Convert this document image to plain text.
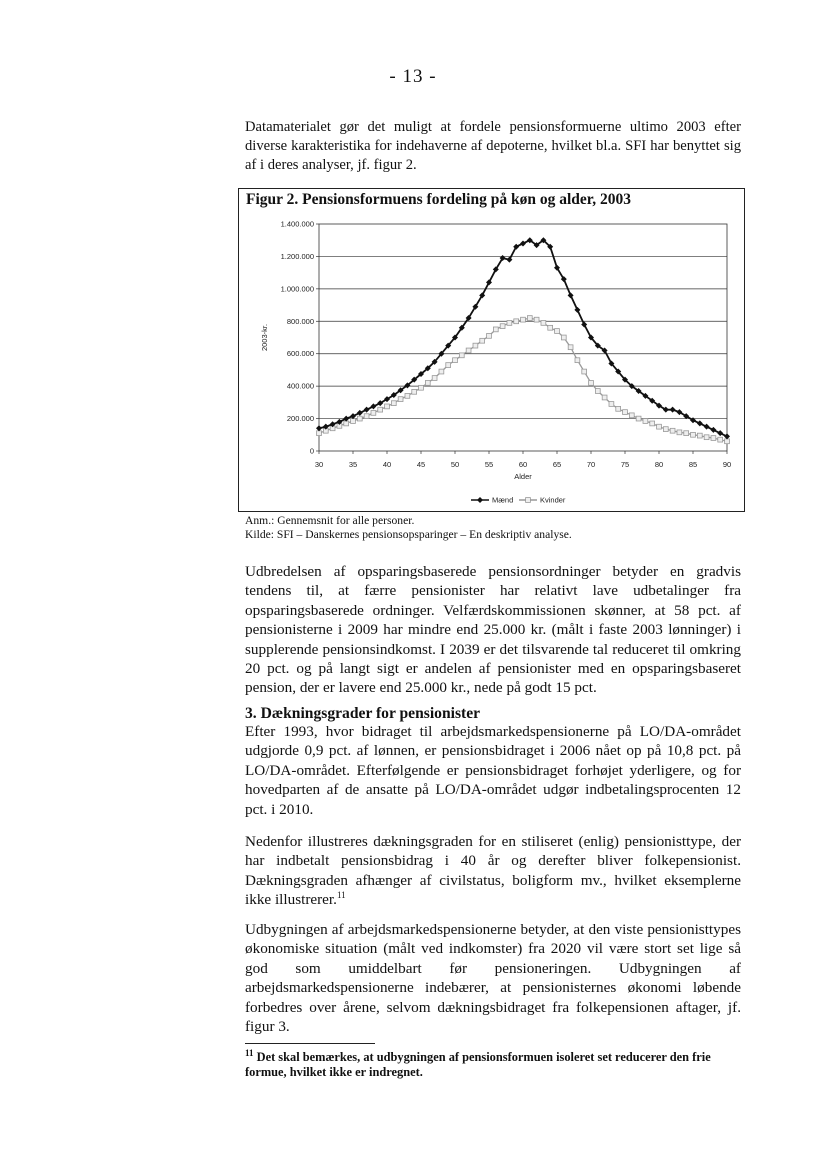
- 13 -

Datamaterialet gør det muligt at fordele pensionsformuerne ultimo 2003 efter diverse karakteristika for indehaverne af depoterne, hvilket bl.a. SFI har benyttet sig af i deres analyser, jf. figur 2.

Figur 2. Pensionsformuens fordeling på køn og alder, 2003

0
200.000
400.000
600.000
800.000
1.000.000
1.200.000
1.400.000
30	35	40	45	50	55	60	65	70	75	80	85	90
Alder
2003-kr.
Mænd	Kvinder

Anm.: Gennemsnit for alle personer.

Kilde: SFI – Danskernes pensionsopsparinger – En deskriptiv analyse.

Udbredelsen af opsparingsbaserede pensionsordninger betyder en gradvis tendens til, at færre pensionister har relativt lave udbetalinger fra opsparingsbaserede ordninger. Velfærdskommissionen skønner, at 58 pct. af pensionisterne i 2009 har mindre end 25.000 kr. (målt i faste 2003 lønninger) i supplerende pensionsindkomst. I 2039 er det tilsvarende tal reduceret til omkring 20 pct. og på langt sigt er andelen af pensionister med en opsparingsbaseret pension, der er lavere end 25.000 kr., nede på godt 15 pct.

3. Dækningsgrader for pensionister

Efter 1993, hvor bidraget til arbejdsmarkedspensionerne på LO/DA-området udgjorde 0,9 pct. af lønnen, er pensionsbidraget i 2006 nået op på 10,8 pct. på LO/DA-området. Efterfølgende er pensionsbidraget forhøjet yderligere, og for hovedparten af de ansatte på LO/DA-området udgør indbetalingsprocenten 12 pct. i 2010.

Nedenfor illustreres dækningsgraden for en stiliseret (enlig) pensionisttype, der har indbetalt pensionsbidrag i 40 år og derefter bliver folkepensionist. Dækningsgraden afhænger af civilstatus, boligform mv., hvilket eksemplerne ikke illustrerer.$^{11}$

Udbygningen af arbejdsmarkedspensionerne betyder, at den viste pensionisttypes økonomiske situation (målt ved indkomster) fra 2020 vil være stort set lige så god som umiddelbart før pensioneringen. Udbygningen af arbejdsmarkedspensionerne indebærer, at pensionisternes økonomi løbende forbedres over årene, selvom dækningsbidraget fra folkepensionen aftager, jf. figur 3.

$^{11}$ Det skal bemærkes, at udbygningen af pensionsformuen isoleret set reducerer den frie formue, hvilket ikke er indregnet.
